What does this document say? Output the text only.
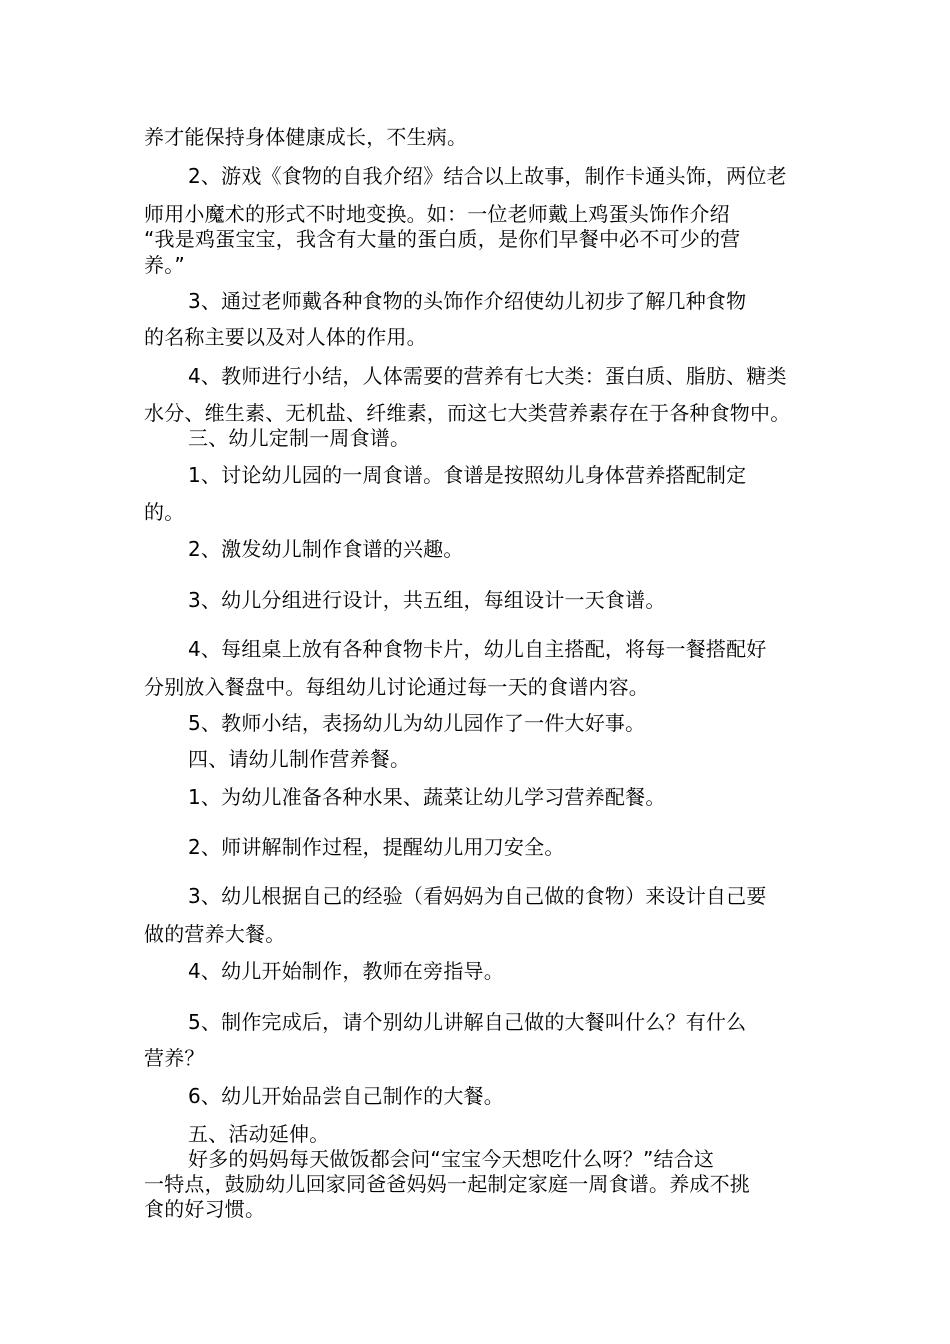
养才能保持身体健康成长，不生病。
2、游戏《食物的自我介绍》结合以上故事，制作卡通头饰，两位老
师用小魔术的形式不时地变换。如：一位老师戴上鸡蛋头饰作介绍
“我是鸡蛋宝宝，我含有大量的蛋白质，是你们早餐中必不可少的营
养。”
3、通过老师戴各种食物的头饰作介绍使幼儿初步了解几种食物
的名称主要以及对人体的作用。
4、教师进行小结，人体需要的营养有七大类：蛋白质、脂肪、糖类
水分、维生素、无机盐、纤维素，而这七大类营养素存在于各种食物中。
三、幼儿定制一周食谱。
1、讨论幼儿园的一周食谱。食谱是按照幼儿身体营养搭配制定
的。
2、激发幼儿制作食谱的兴趣。
3、幼儿分组进行设计，共五组，每组设计一天食谱。
4、每组桌上放有各种食物卡片，幼儿自主搭配，将每一餐搭配好
分别放入餐盘中。每组幼儿讨论通过每一天的食谱内容。
5、教师小结，表扬幼儿为幼儿园作了一件大好事。
四、请幼儿制作营养餐。
1、为幼儿准备各种水果、蔬菜让幼儿学习营养配餐。
2、师讲解制作过程，提醒幼儿用刀安全。
3、幼儿根据自己的经验（看妈妈为自己做的食物）来设计自己要
做的营养大餐。
4、幼儿开始制作，教师在旁指导。
5、制作完成后，请个别幼儿讲解自己做的大餐叫什么？有什么
营养？
6、幼儿开始品尝自己制作的大餐。
五、活动延伸。
好多的妈妈每天做饭都会问“宝宝今天想吃什么呀？”结合这
一特点，鼓励幼儿回家同爸爸妈妈一起制定家庭一周食谱。养成不挑
食的好习惯。
